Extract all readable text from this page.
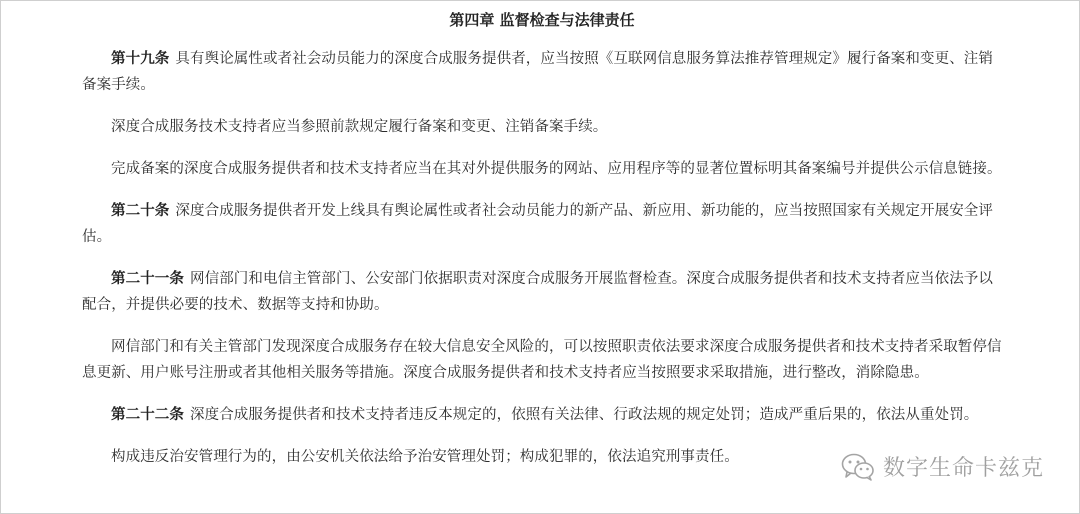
第四章 监督检查与法律责任

第十九条 具有舆论属性或者社会动员能力的深度合成服务提供者，应当按照《互联网信息服务算法推荐管理规定》履行备案和变更、注销备案手续。

深度合成服务技术支持者应当参照前款规定履行备案和变更、注销备案手续。

完成备案的深度合成服务提供者和技术支持者应当在其对外提供服务的网站、应用程序等的显著位置标明其备案编号并提供公示信息链接。

第二十条 深度合成服务提供者开发上线具有舆论属性或者社会动员能力的新产品、新应用、新功能的，应当按照国家有关规定开展安全评估。

第二十一条 网信部门和电信主管部门、公安部门依据职责对深度合成服务开展监督检查。深度合成服务提供者和技术支持者应当依法予以配合，并提供必要的技术、数据等支持和协助。

网信部门和有关主管部门发现深度合成服务存在较大信息安全风险的，可以按照职责依法要求深度合成服务提供者和技术支持者采取暂停信息更新、用户账号注册或者其他相关服务等措施。深度合成服务提供者和技术支持者应当按照要求采取措施，进行整改，消除隐患。

第二十二条 深度合成服务提供者和技术支持者违反本规定的，依照有关法律、行政法规的规定处罚；造成严重后果的，依法从重处罚。

构成违反治安管理行为的，由公安机关依法给予治安管理处罚；构成犯罪的，依法追究刑事责任。	数字生命卡兹克
